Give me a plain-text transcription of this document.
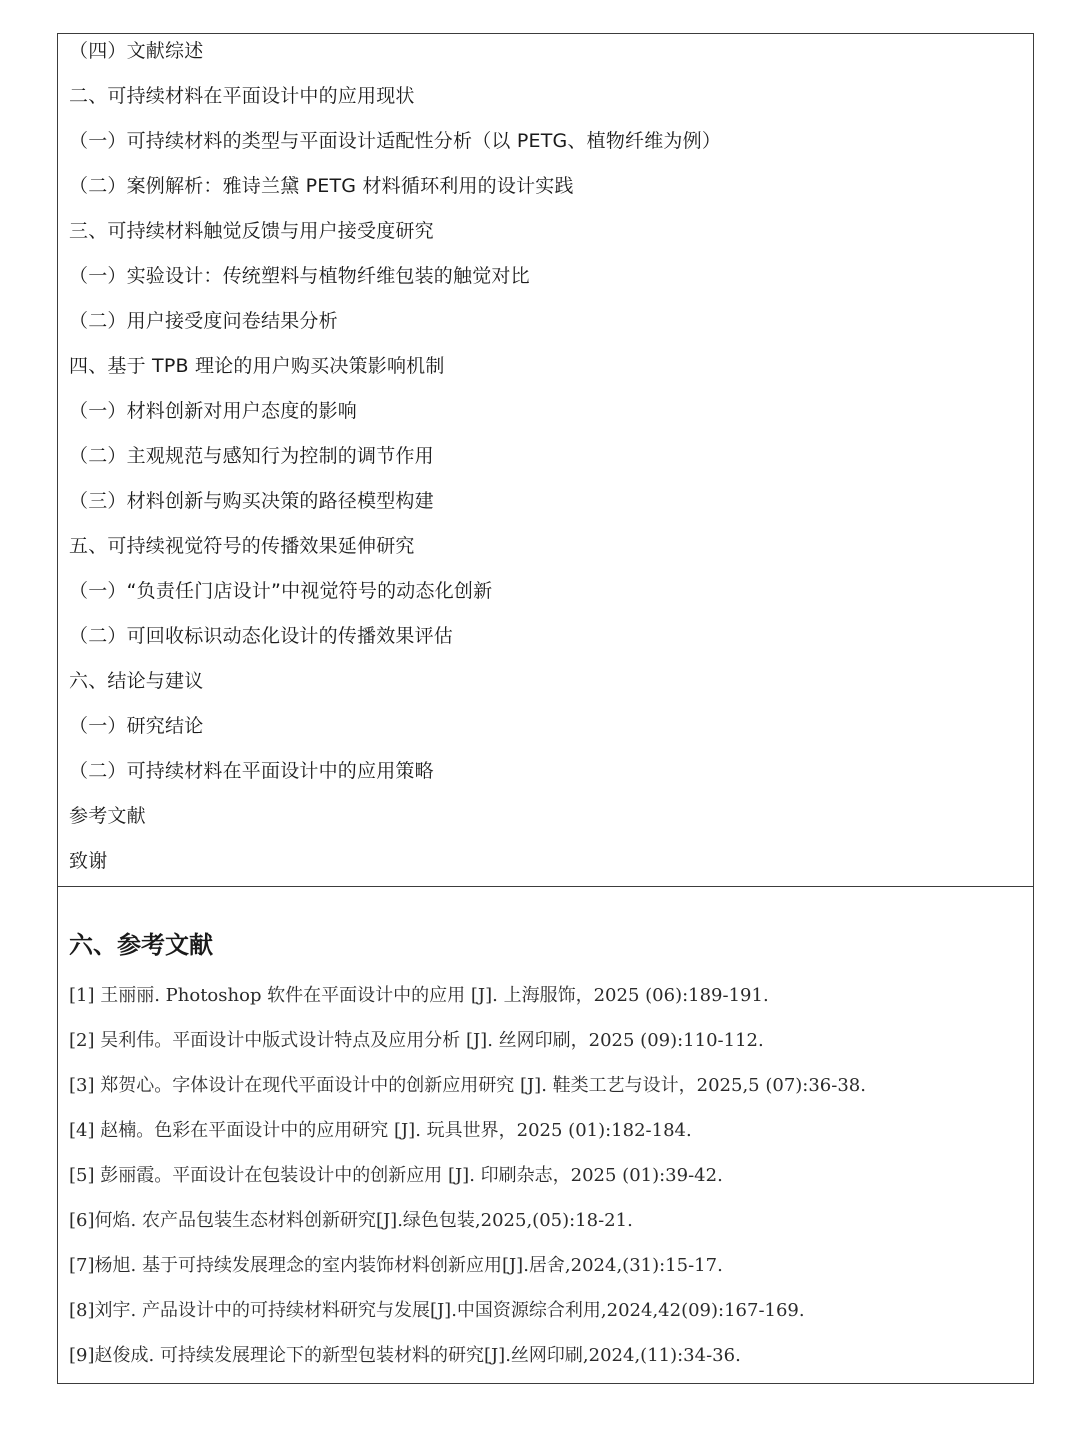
（四）文献综述
二、可持续材料在平面设计中的应用现状
（一）可持续材料的类型与平面设计适配性分析（以 PETG、植物纤维为例）
（二）案例解析：雅诗兰黛 PETG 材料循环利用的设计实践
三、可持续材料触觉反馈与用户接受度研究
（一）实验设计：传统塑料与植物纤维包装的触觉对比
（二）用户接受度问卷结果分析
四、基于 TPB 理论的用户购买决策影响机制
（一）材料创新对用户态度的影响
（二）主观规范与感知行为控制的调节作用
（三）材料创新与购买决策的路径模型构建
五、可持续视觉符号的传播效果延伸研究
（一）“负责任门店设计”中视觉符号的动态化创新
（二）可回收标识动态化设计的传播效果评估
六、结论与建议
（一）研究结论
（二）可持续材料在平面设计中的应用策略
参考文献
致谢
六、参考文献
[1] 王丽丽. Photoshop 软件在平面设计中的应用 [J]. 上海服饰，2025 (06):189-191.
[2] 吴利伟。平面设计中版式设计特点及应用分析 [J]. 丝网印刷，2025 (09):110-112.
[3] 郑贺心。字体设计在现代平面设计中的创新应用研究 [J]. 鞋类工艺与设计，2025,5 (07):36-38.
[4] 赵楠。色彩在平面设计中的应用研究 [J]. 玩具世界，2025 (01):182-184.
[5] 彭丽霞。平面设计在包装设计中的创新应用 [J]. 印刷杂志，2025 (01):39-42.
[6]何焰. 农产品包装生态材料创新研究[J].绿色包装,2025,(05):18-21.
[7]杨旭. 基于可持续发展理念的室内装饰材料创新应用[J].居舍,2024,(31):15-17.
[8]刘宇. 产品设计中的可持续材料研究与发展[J].中国资源综合利用,2024,42(09):167-169.
[9]赵俊成. 可持续发展理论下的新型包装材料的研究[J].丝网印刷,2024,(11):34-36.
